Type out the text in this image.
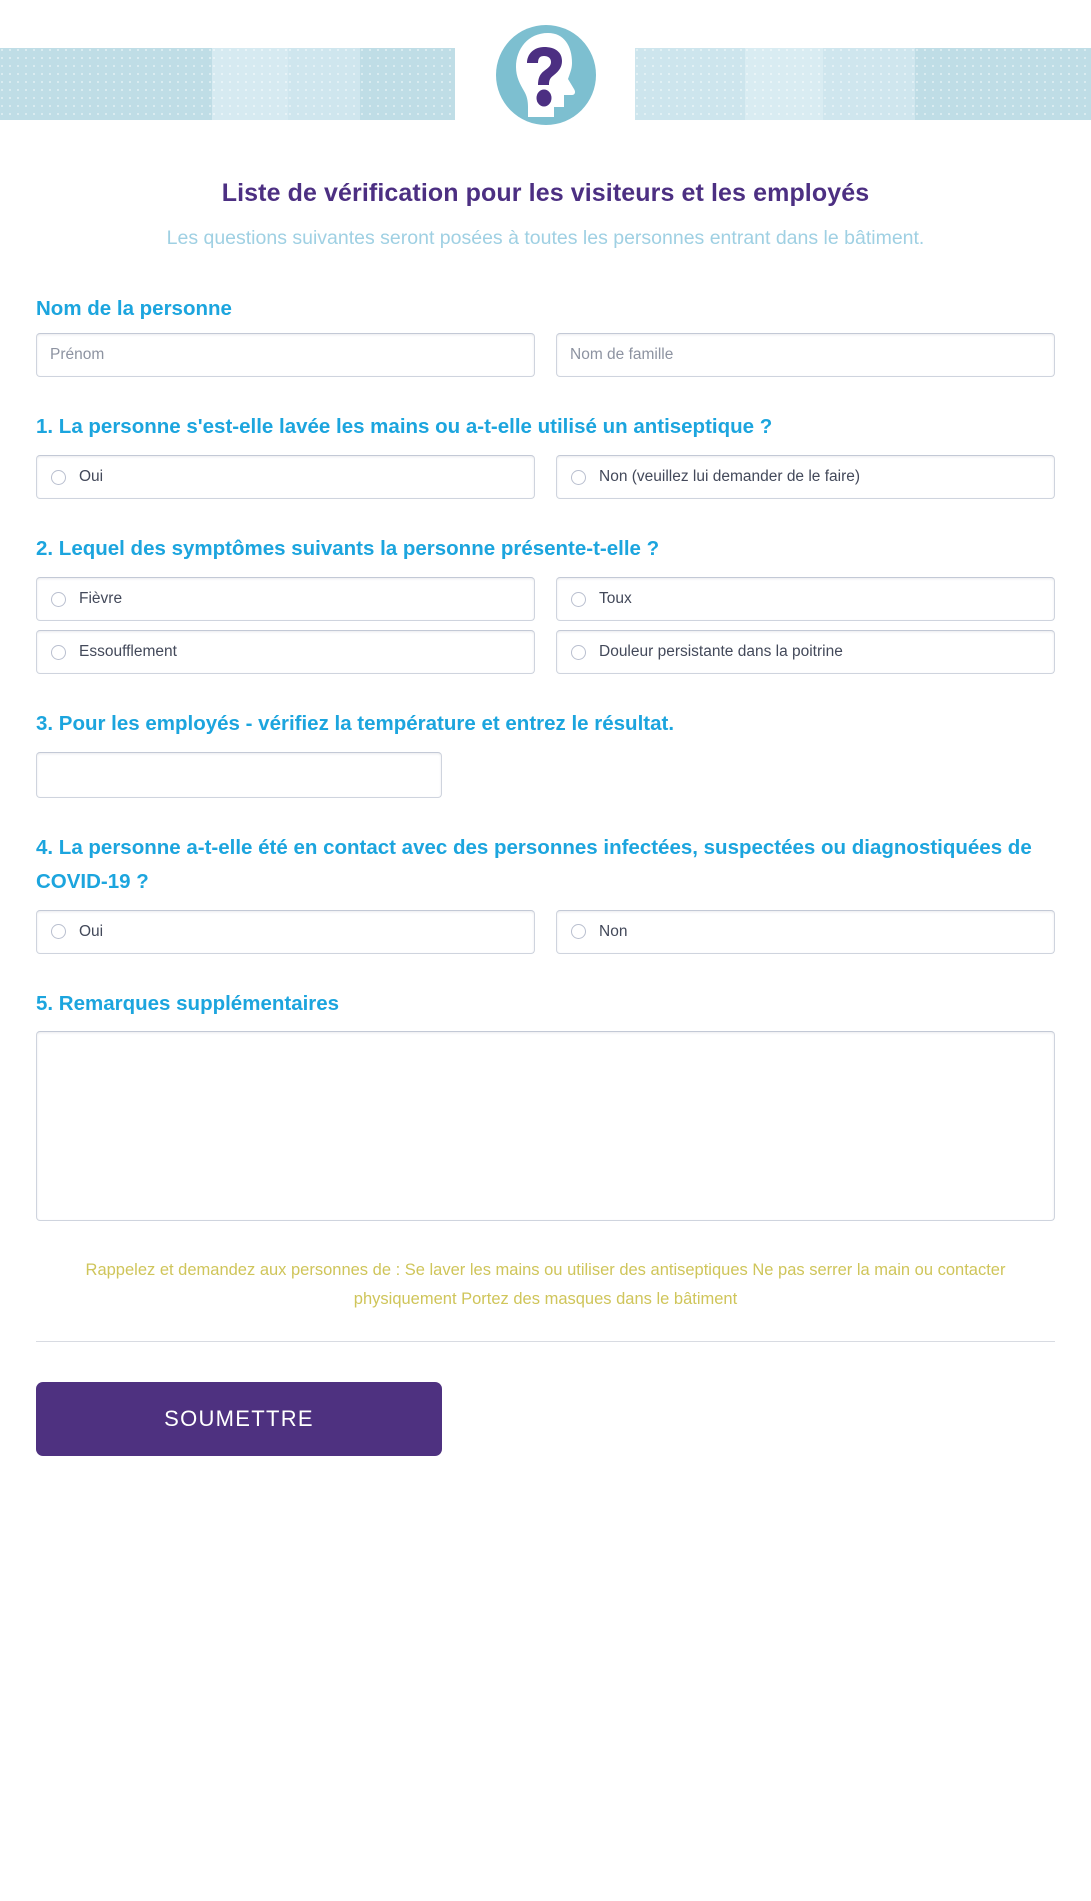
Liste de vérification pour les visiteurs et les employés
Les questions suivantes seront posées à toutes les personnes entrant dans le bâtiment.
Nom de la personne
Prénom
Nom de famille
1. La personne s'est-elle lavée les mains ou a-t-elle utilisé un antiseptique ?
Oui	Non (veuillez lui demander de le faire)
2. Lequel des symptômes suivants la personne présente-t-elle ?
Fièvre	Toux
Essoufflement	Douleur persistante dans la poitrine
3. Pour les employés - vérifiez la température et entrez le résultat.
4. La personne a-t-elle été en contact avec des personnes infectées, suspectées ou diagnostiquées de COVID-19 ?
Oui	Non
5. Remarques supplémentaires
Rappelez et demandez aux personnes de : Se laver les mains ou utiliser des antiseptiques Ne pas serrer la main ou contacter physiquement Portez des masques dans le bâtiment
SOUMETTRE
